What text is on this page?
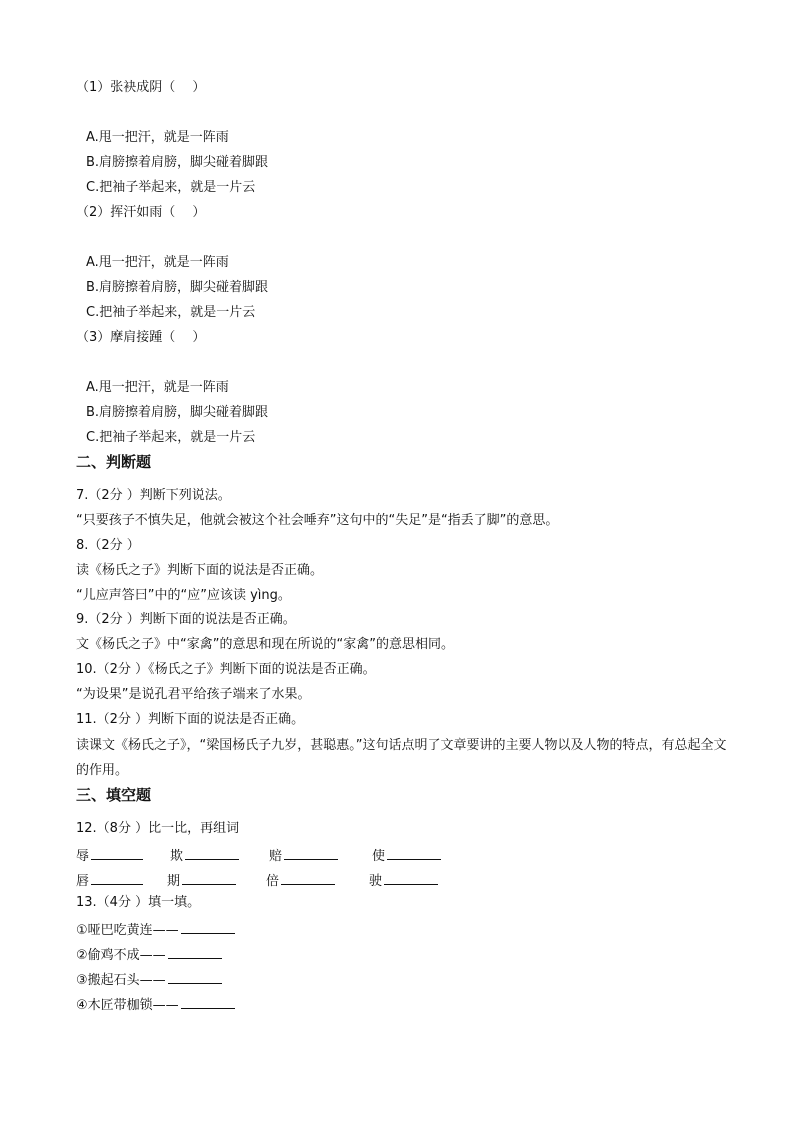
（1）张袂成阴（　 ）
A.甩一把汗，就是一阵雨
B.肩膀擦着肩膀，脚尖碰着脚跟
C.把袖子举起来，就是一片云
（2）挥汗如雨（　 ）
A.甩一把汗，就是一阵雨
B.肩膀擦着肩膀，脚尖碰着脚跟
C.把袖子举起来，就是一片云
（3）摩肩接踵（　 ）
A.甩一把汗，就是一阵雨
B.肩膀擦着肩膀，脚尖碰着脚跟
C.把袖子举起来，就是一片云
二、判断题
7.（2分 ）判断下列说法。
“只要孩子不慎失足，他就会被这个社会唾弃”这句中的“失足”是“指丢了脚”的意思。
8.（2分 ）
读《杨氏之子》判断下面的说法是否正确。
“儿应声答曰”中的“应”应该读 yìng。
9.（2分 ）判断下面的说法是否正确。
文《杨氏之子》中“家禽”的意思和现在所说的“家禽”的意思相同。
10.（2分 ）《杨氏之子》判断下面的说法是否正确。
“为设果”是说孔君平给孩子端来了水果。
11.（2分 ）判断下面的说法是否正确。
读课文《杨氏之子》，“梁国杨氏子九岁，甚聪惠。”这句话点明了文章要讲的主要人物以及人物的特点，有总起全文的作用。
三、填空题
12.（8分 ）比一比，再组词
辱	欺	赔	使
唇	期	倍	驶
13.（4分 ）填一填。
①哑巴吃黄连——
②偷鸡不成——
③搬起石头——
④木匠带枷锁——
